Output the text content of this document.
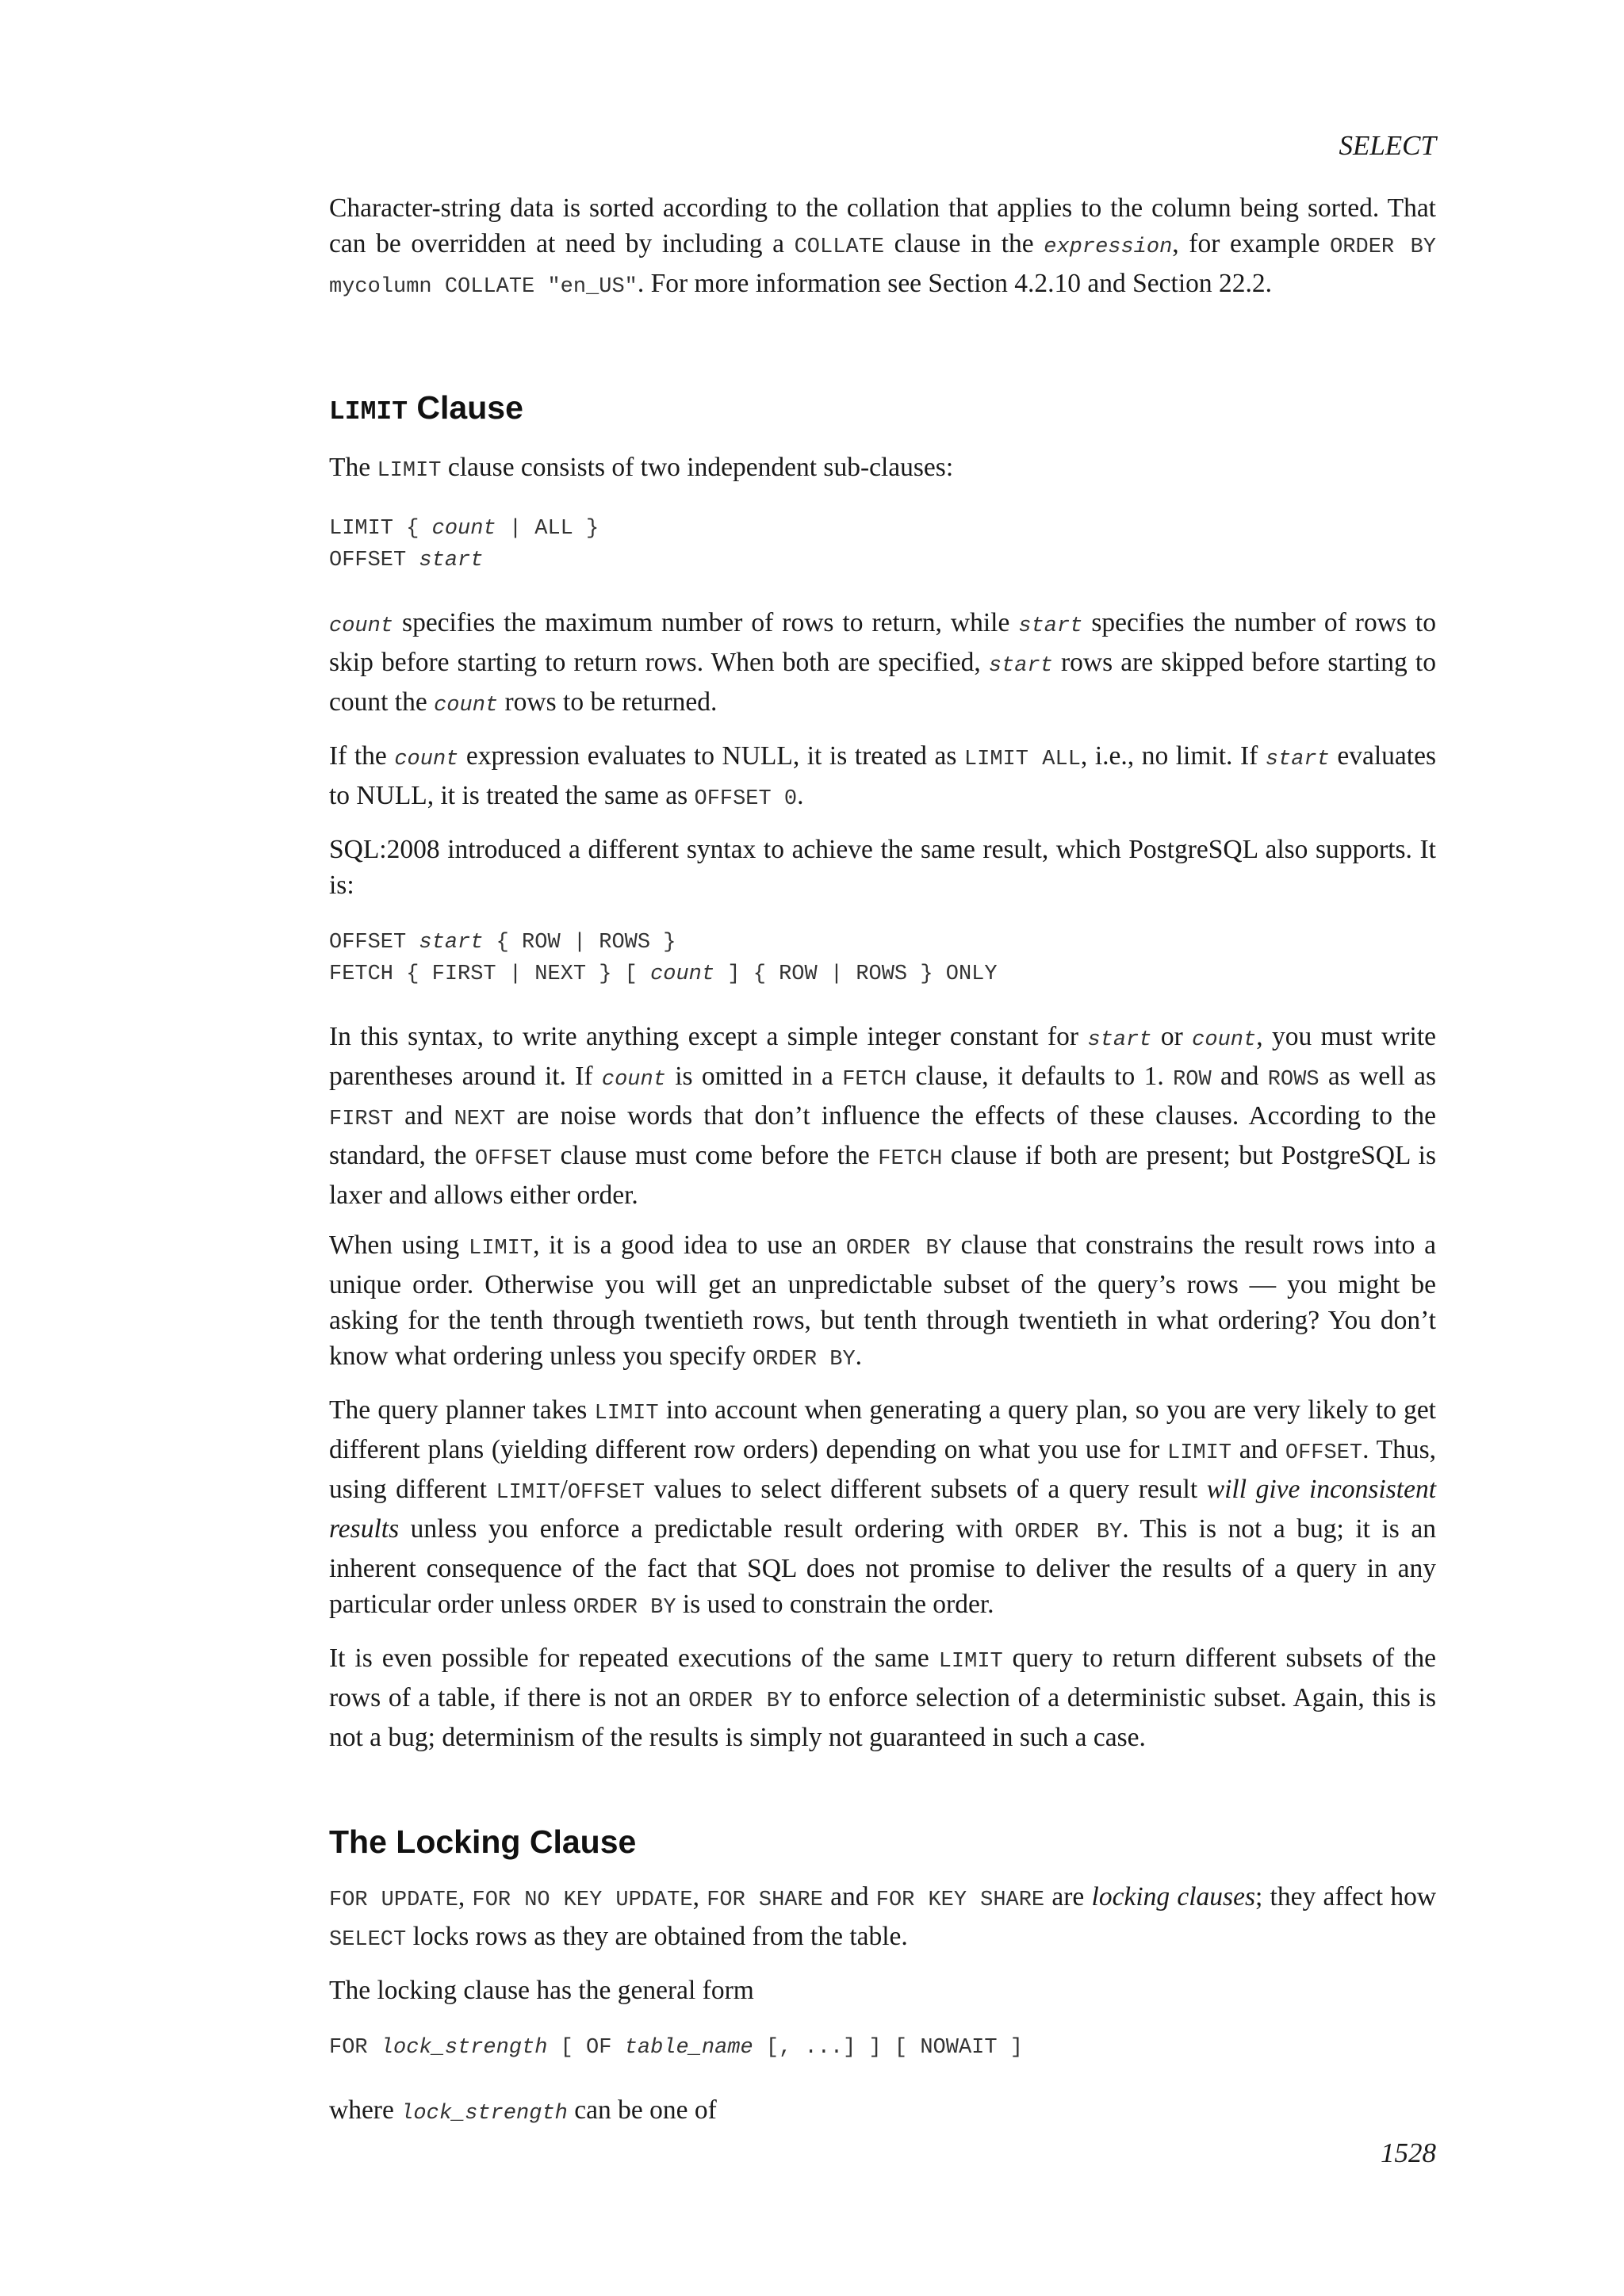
SELECT

Character-string data is sorted according to the collation that applies to the column being sorted. That can be overridden at need by including a COLLATE clause in the expression, for example ORDER BY mycolumn COLLATE "en_US". For more information see Section 4.2.10 and Section 22.2.

LIMIT Clause

The LIMIT clause consists of two independent sub-clauses:

LIMIT { count | ALL }
OFFSET start

count specifies the maximum number of rows to return, while start specifies the number of rows to skip before starting to return rows. When both are specified, start rows are skipped before starting to count the count rows to be returned.

If the count expression evaluates to NULL, it is treated as LIMIT ALL, i.e., no limit. If start evaluates to NULL, it is treated the same as OFFSET 0.

SQL:2008 introduced a different syntax to achieve the same result, which PostgreSQL also supports. It is:

OFFSET start { ROW | ROWS }
FETCH { FIRST | NEXT } [ count ] { ROW | ROWS } ONLY

In this syntax, to write anything except a simple integer constant for start or count, you must write parentheses around it. If count is omitted in a FETCH clause, it defaults to 1. ROW and ROWS as well as FIRST and NEXT are noise words that don’t influence the effects of these clauses. According to the standard, the OFFSET clause must come before the FETCH clause if both are present; but PostgreSQL is laxer and allows either order.

When using LIMIT, it is a good idea to use an ORDER BY clause that constrains the result rows into a unique order. Otherwise you will get an unpredictable subset of the query’s rows — you might be asking for the tenth through twentieth rows, but tenth through twentieth in what ordering? You don’t know what ordering unless you specify ORDER BY.

The query planner takes LIMIT into account when generating a query plan, so you are very likely to get different plans (yielding different row orders) depending on what you use for LIMIT and OFFSET. Thus, using different LIMIT/OFFSET values to select different subsets of a query result will give inconsistent results unless you enforce a predictable result ordering with ORDER BY. This is not a bug; it is an inherent consequence of the fact that SQL does not promise to deliver the results of a query in any particular order unless ORDER BY is used to constrain the order.

It is even possible for repeated executions of the same LIMIT query to return different subsets of the rows of a table, if there is not an ORDER BY to enforce selection of a deterministic subset. Again, this is not a bug; determinism of the results is simply not guaranteed in such a case.

The Locking Clause

FOR UPDATE, FOR NO KEY UPDATE, FOR SHARE and FOR KEY SHARE are locking clauses; they affect how SELECT locks rows as they are obtained from the table.

The locking clause has the general form

FOR lock_strength [ OF table_name [, ...] ] [ NOWAIT ]

where lock_strength can be one of

1528
